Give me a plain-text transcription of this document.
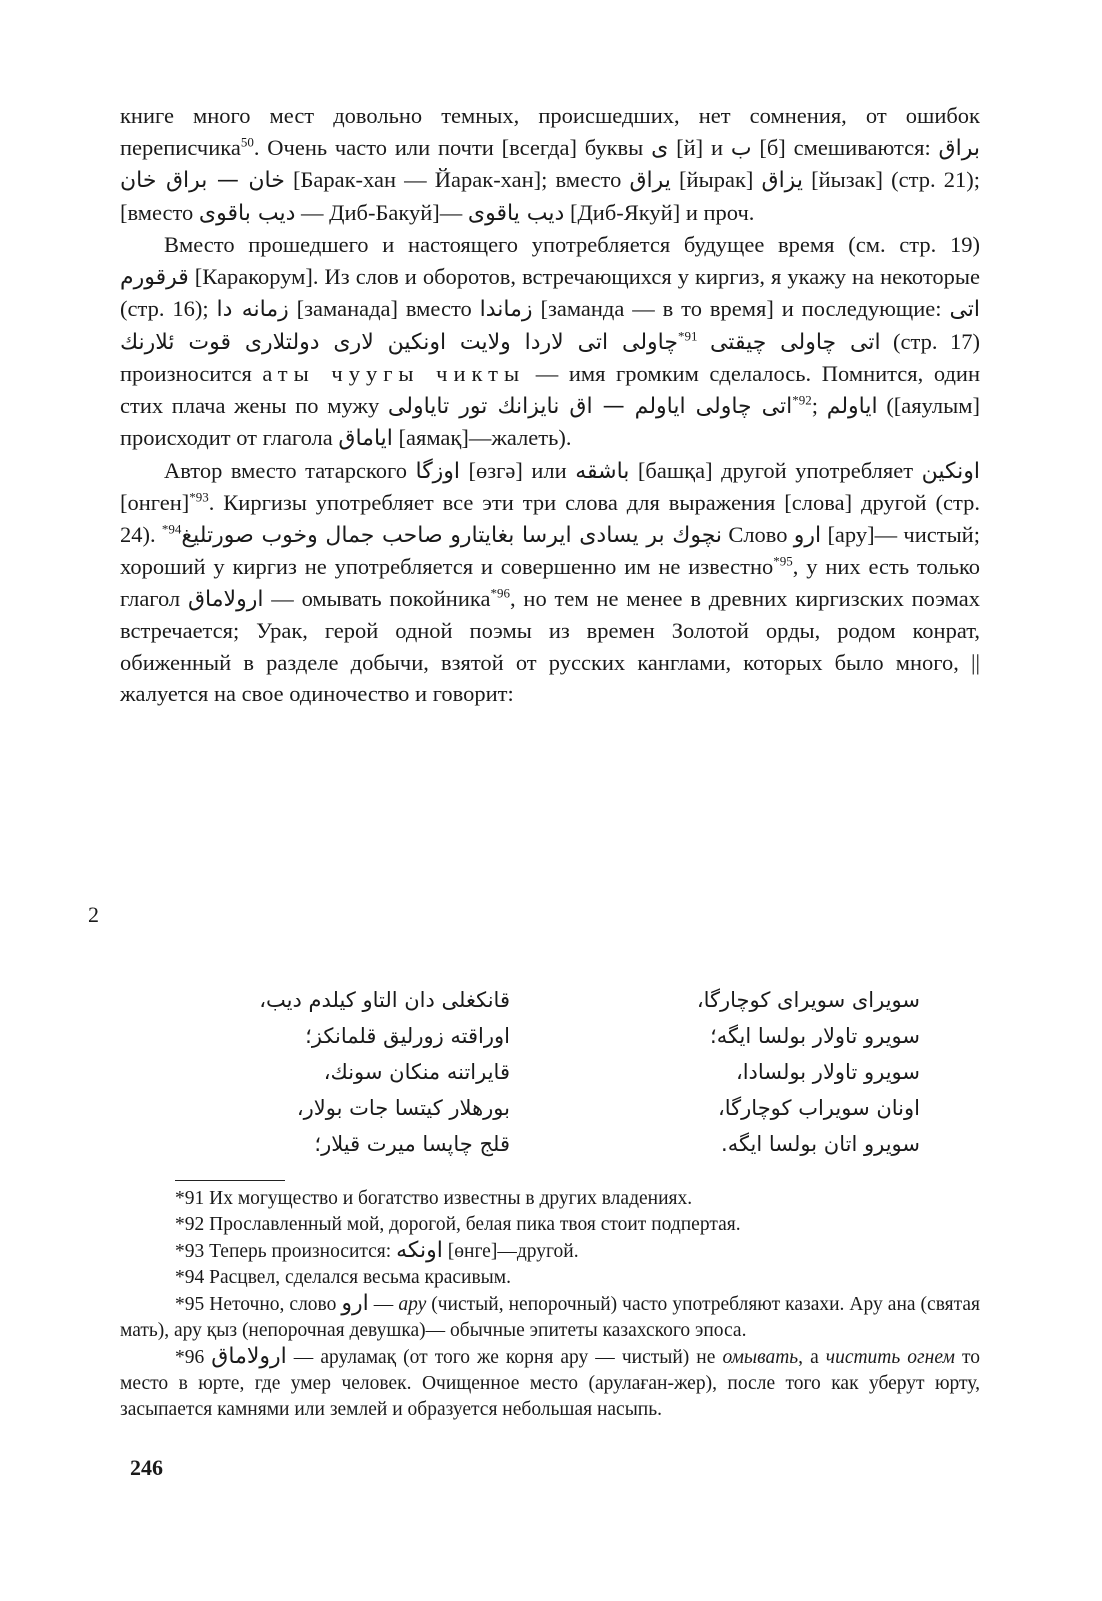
книге много мест довольно темных, происшедших, нет сомнения, от ошибок переписчика$^{50}$. Очень часто или почти [всегда] буквы ى [й] и ب [б] смешиваются: براق خان — براق خان [Барак-хан — Йарак-хан]; вместо يراق [йырак] يزاق [йызак] (стр. 21); [вместо ديب باقوى — Диб-Бакуй]— ديب ياقوى [Диб-Якуй] и проч.

Вместо прошедшего и настоящего употребляется будущее время (см. стр. 19) قرقورم [Каракорум]. Из слов и оборотов, встречающихся у киргиз, я укажу на некоторые (стр. 16); زمانه دا [заманада] вместо زماندا [заманда — в то время] и последующие: اتى چاولى اتى لاردا ولايت اونكين لارى دولتلارى قوت ئلارنك$^{*91}$ اتى چاولى چيقتى (стр. 17) произносится аты чуугы чикты — имя громким сделалось. Помнится, один стих плача жены по мужу اتى چاولى اياولم — اق نايزانك تور تاياولى$^{*92}$; اياولم ([аяулым] происходит от глагола اياماق [аямақ]—жалеть).

Автор вместо татарского اوزگا [өзгә] или باشقه [башқа] другой употребляет اونكين [онген]$^{*93}$. Киргизы употребляет все эти три слова для выражения [слова] другой (стр. 24). $^{*94}$نچوك بر يسادى ايرسا بغايتارو صاحب جمال وخوب صورتليغ Слово ارو [ару]— чистый; хороший у киргиз не употребляется и совершенно им не известно$^{*95}$, у них есть только глагол ارولاماق — омывать покойника$^{*96}$, но тем не менее в древних киргизских поэмах встречается; Урак, герой одной поэмы из времен Золотой орды, родом конрат, обиженный в разделе добычи, взятой от русских канглами, которых было много, || жалуется на свое одиночество и говорит:

2
قانكغلى دان التاو كيلدم ديب،
اوراقته زورليق قلمانكز؛
قايراتنه منكان سونك،
بورهلار كيتسا جات بولار،
قلج چاپسا ميرت قيلار؛
سويراى سويراى كوچارگا،
سويرو تاولار بولسا ايگه؛
سويرو تاولار بولسادا،
اونان سويراب كوچارگا،
سويرو اتان بولسا ايگه.

*91 Их могущество и богатство известны в других владениях.

*92 Прославленный мой, дорогой, белая пика твоя стоит подпертая.

*93 Теперь произносится: اونكه [өнге]—другой.

*94 Расцвел, сделался весьма красивым.

*95 Неточно, слово ارو — ару (чистый, непорочный) часто употребляют казахи. Ару ана (святая мать), ару қыз (непорочная девушка)— обычные эпитеты казахского эпоса.

*96 ارولاماق — аруламақ (от того же корня ару — чистый) не омывать, а чистить огнем то место в юрте, где умер человек. Очищенное место (арулаған-жер), после того как уберут юрту, засыпается камнями или землей и образуется небольшая насыпь.

246
